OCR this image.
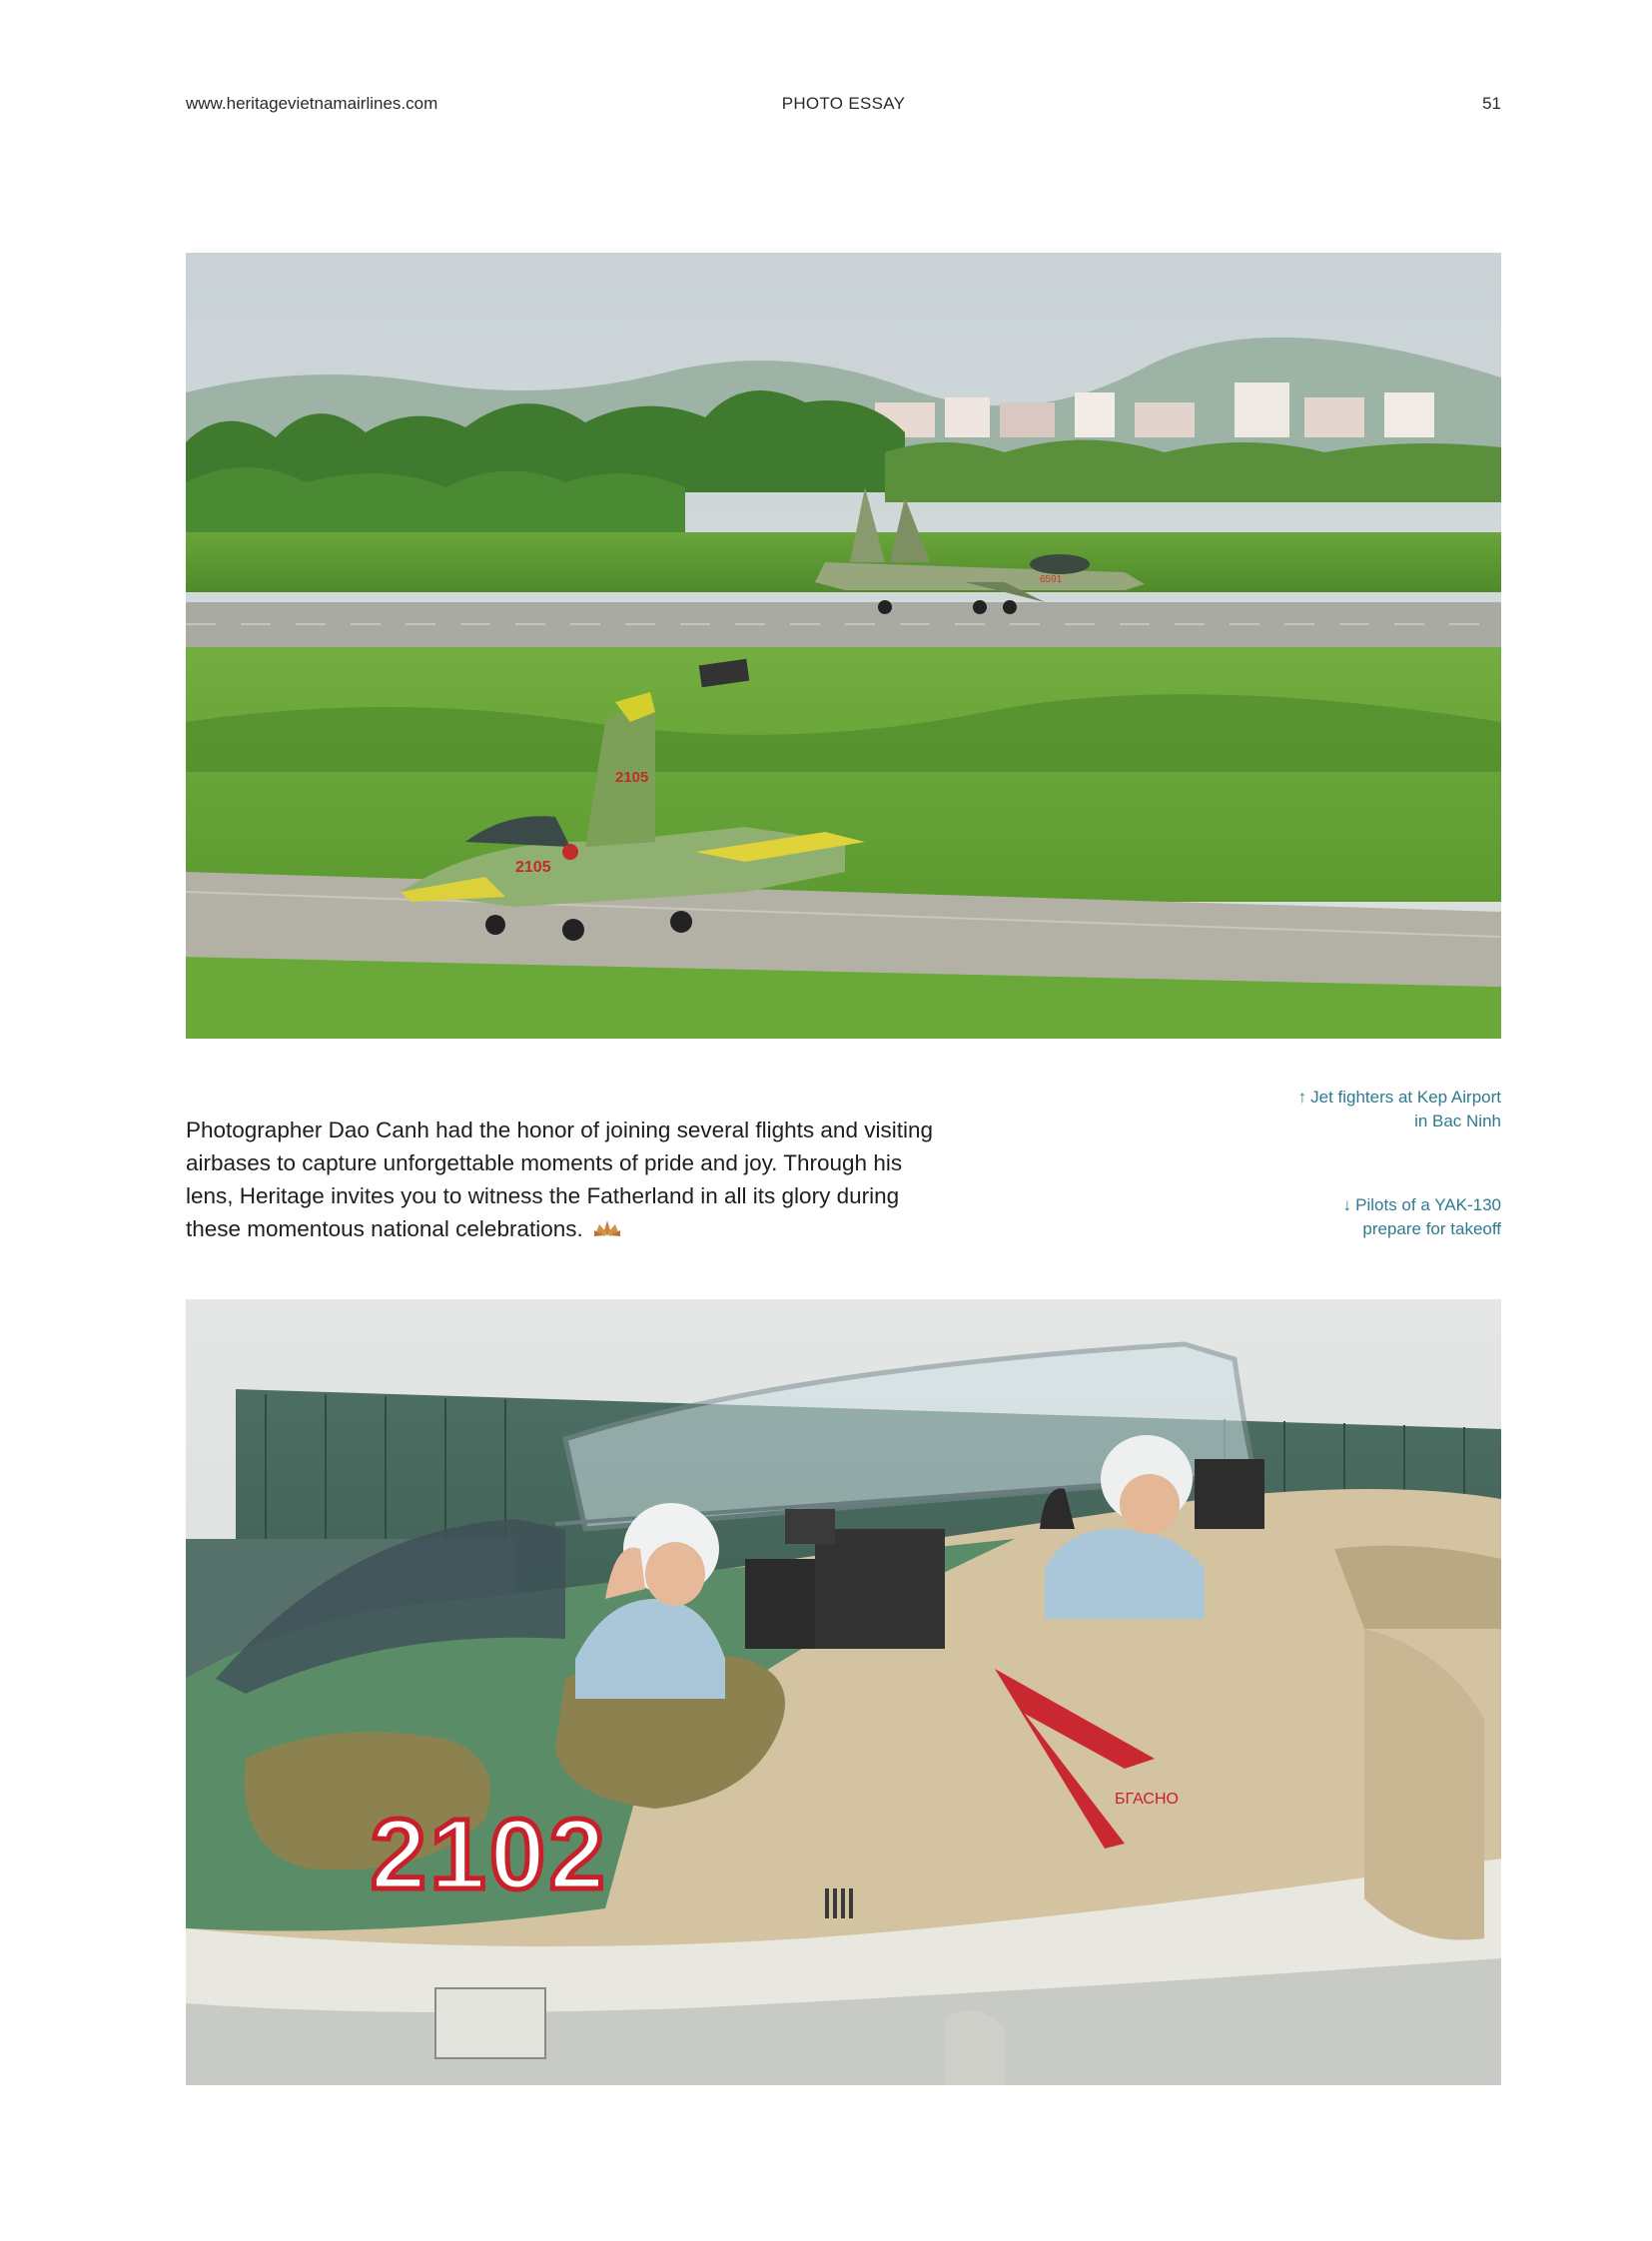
www.heritagevietnamairlines.com	PHOTO ESSAY	51
6591
2105
2105
Photographer Dao Canh had the honor of joining several flights and visiting airbases to capture unforgettable moments of pride and joy. Through his lens, Heritage invites you to witness the Fatherland in all its glory during these momentous national celebrations.
↑ Jet fighters at Kep Airport
in Bac Ninh
↓ Pilots of a YAK-130
prepare for takeoff
2102	БГАСНО
